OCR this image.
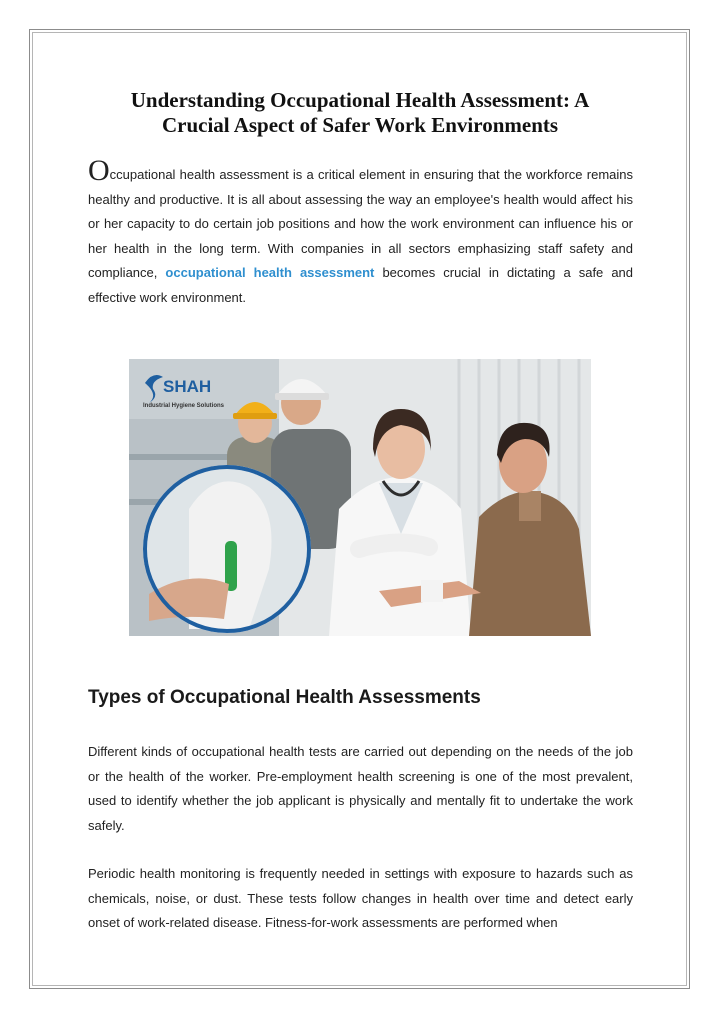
Understanding Occupational Health Assessment: A
Crucial Aspect of Safer Work Environments

Occupational health assessment is a critical element in ensuring that the workforce remains healthy and productive. It is all about assessing the way an employee's health would affect his or her capacity to do certain job positions and how the work environment can influence his or her health in the long term. With companies in all sectors emphasizing staff safety and compliance, occupational health assessment becomes crucial in dictating a safe and effective work environment.

SHAH
Industrial Hygiene Solutions
Types of Occupational Health Assessments

Different kinds of occupational health tests are carried out depending on the needs of the job or the health of the worker. Pre-employment health screening is one of the most prevalent, used to identify whether the job applicant is physically and mentally fit to undertake the work safely.

Periodic health monitoring is frequently needed in settings with exposure to hazards such as chemicals, noise, or dust. These tests follow changes in health over time and detect early onset of work-related disease. Fitness-for-work assessments are performed when
